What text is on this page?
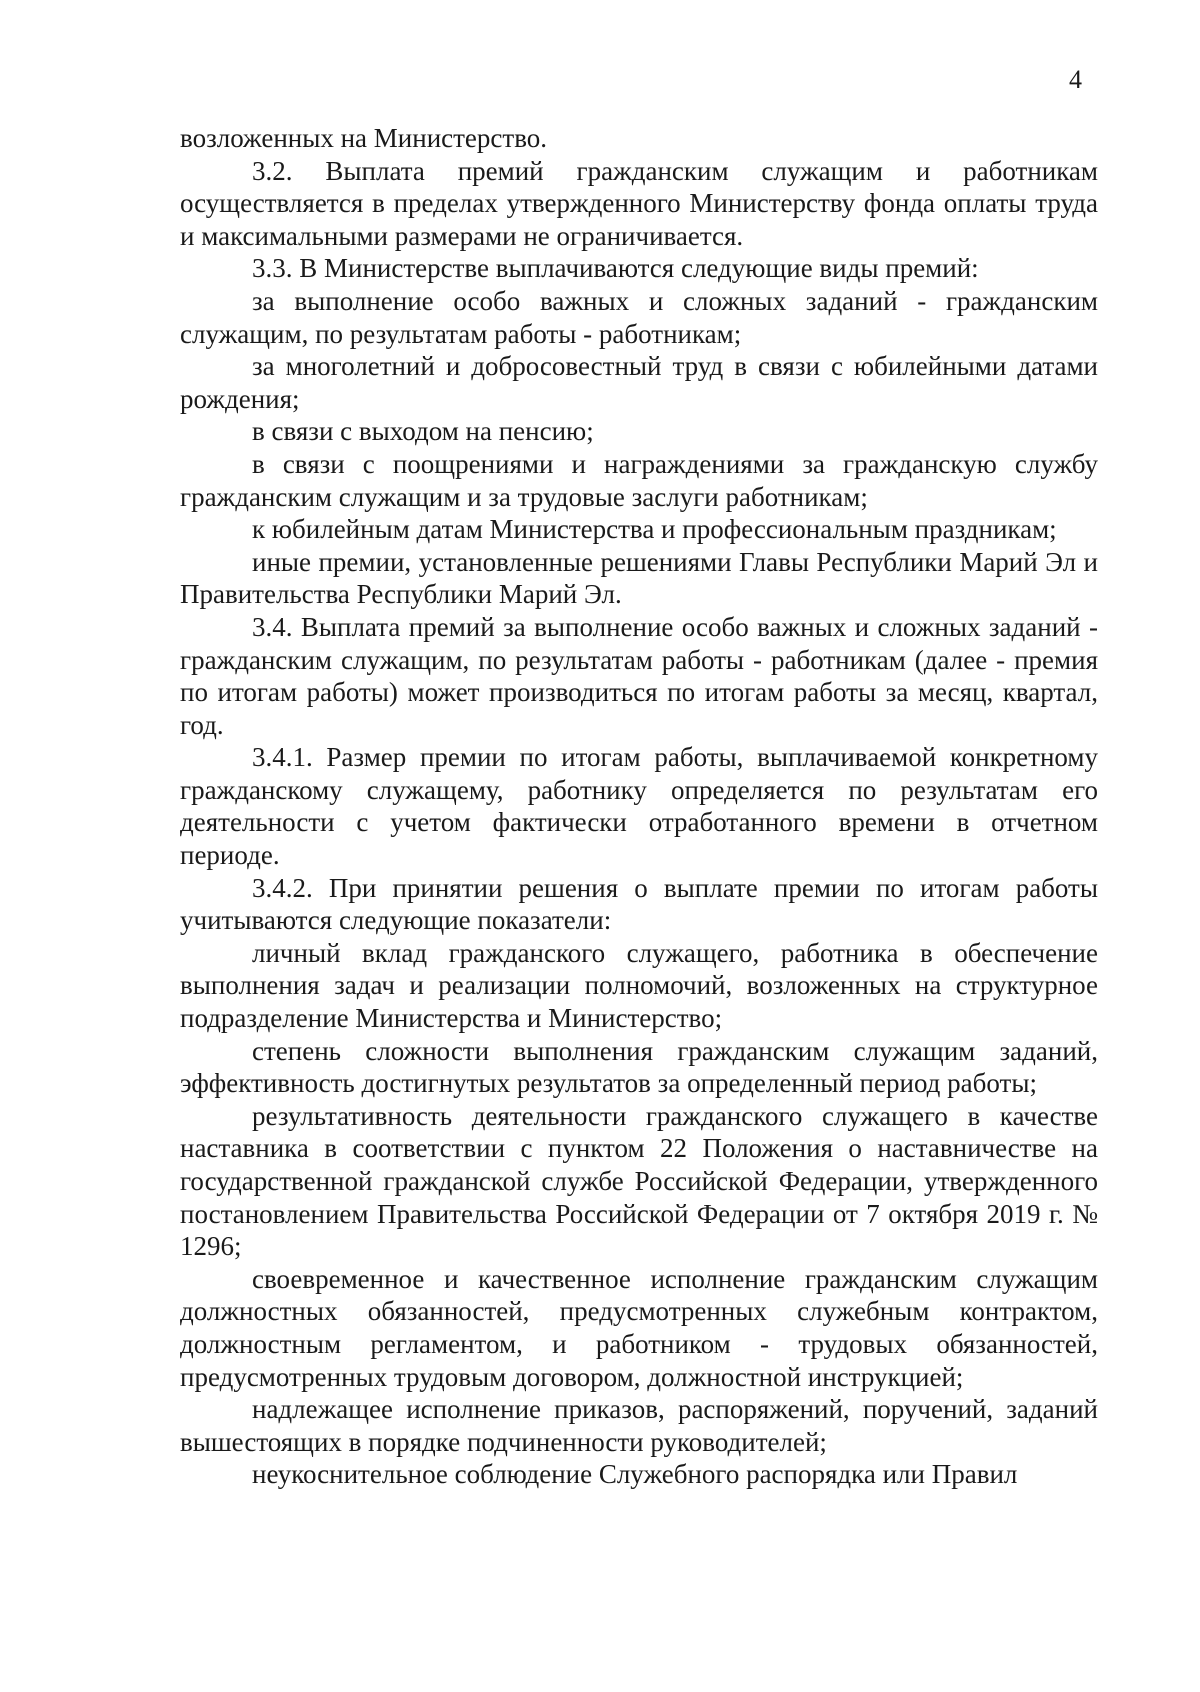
4

возложенных на Министерство.

3.2. Выплата премий гражданским служащим и работникам осуществляется в пределах утвержденного Министерству фонда оплаты труда и максимальными размерами не ограничивается.

3.3. В Министерстве выплачиваются следующие виды премий:

за выполнение особо важных и сложных заданий - гражданским служащим, по результатам работы - работникам;

за многолетний и добросовестный труд в связи с юбилейными датами рождения;

в связи с выходом на пенсию;

в связи с поощрениями и награждениями за гражданскую службу гражданским служащим и за трудовые заслуги работникам;

к юбилейным датам Министерства и профессиональным праздникам;

иные премии, установленные решениями Главы Республики Марий Эл и Правительства Республики Марий Эл.

3.4. Выплата премий за выполнение особо важных и сложных заданий - гражданским служащим, по результатам работы - работникам (далее - премия по итогам работы) может производиться по итогам работы за месяц, квартал, год.

3.4.1. Размер премии по итогам работы, выплачиваемой конкретному гражданскому служащему, работнику определяется по результатам его деятельности с учетом фактически отработанного времени в отчетном периоде.

3.4.2. При принятии решения о выплате премии по итогам работы учитываются следующие показатели:

личный вклад гражданского служащего, работника в обеспечение выполнения задач и реализации полномочий, возложенных на структурное подразделение Министерства и Министерство;

степень сложности выполнения гражданским служащим заданий, эффективность достигнутых результатов за определенный период работы;

результативность деятельности гражданского служащего в качестве наставника в соответствии с пунктом 22 Положения о наставничестве на государственной гражданской службе Российской Федерации, утвержденного постановлением Правительства Российской Федерации от 7 октября 2019 г. № 1296;

своевременное и качественное исполнение гражданским служащим должностных обязанностей, предусмотренных служебным контрактом, должностным регламентом, и работником - трудовых обязанностей, предусмотренных трудовым договором, должностной инструкцией;

надлежащее исполнение приказов, распоряжений, поручений, заданий вышестоящих в порядке подчиненности руководителей;

неукоснительное соблюдение Служебного распорядка или Правил
